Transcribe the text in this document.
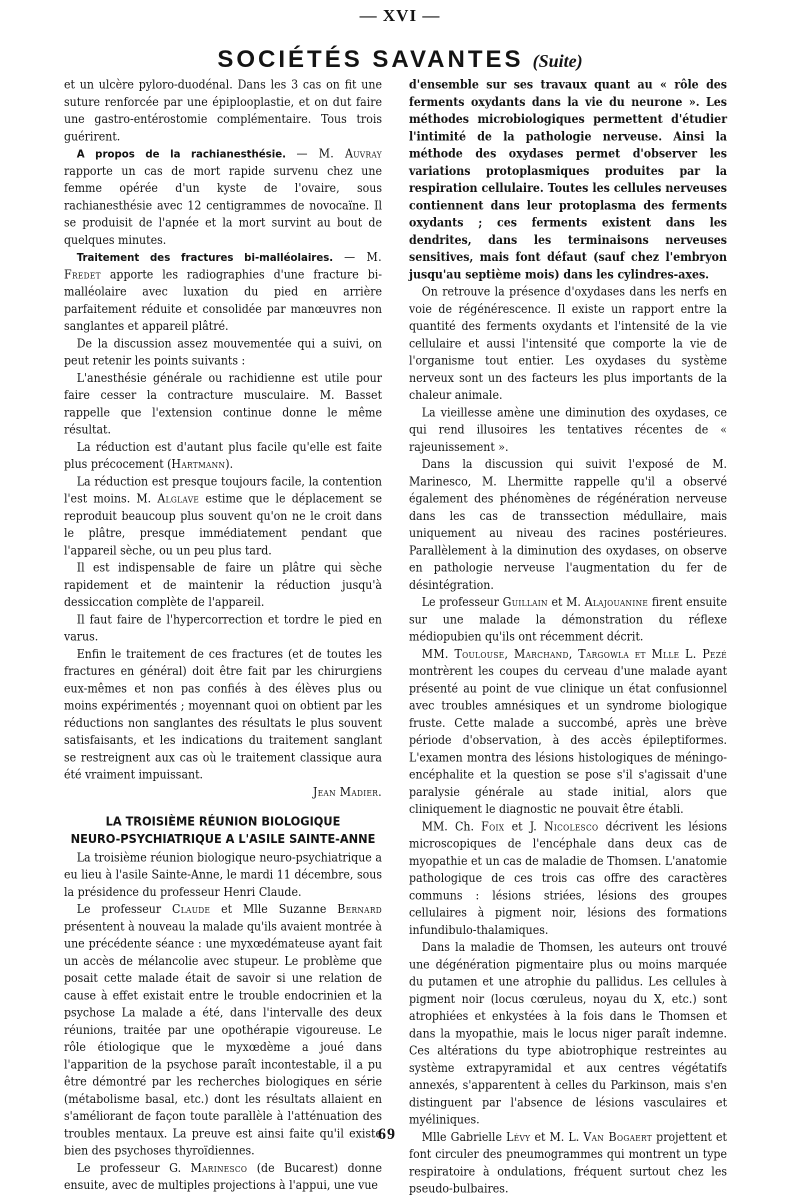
— XVI —
SOCIÉTÉS SAVANTES (Suite)

et un ulcère pyloro-duodénal. Dans les 3 cas on fit une suture renforcée par une épiplooplastie, et on dut faire une gastro-entérostomie complémentaire. Tous trois guérirent.

A propos de la rachianesthésie. — M. Auvray rapporte un cas de mort rapide survenu chez une femme opérée d'un kyste de l'ovaire, sous rachianesthésie avec 12 centigrammes de novocaïne. Il se produisit de l'apnée et la mort survint au bout de quelques minutes.

Traitement des fractures bi-malléolaires. — M. Fredet apporte les radiographies d'une fracture bi-malléolaire avec luxation du pied en arrière parfaitement réduite et consolidée par manœuvres non sanglantes et appareil plâtré.

De la discussion assez mouvementée qui a suivi, on peut retenir les points suivants :

L'anesthésie générale ou rachidienne est utile pour faire cesser la contracture musculaire. M. Basset rappelle que l'extension continue donne le même résultat.

La réduction est d'autant plus facile qu'elle est faite plus précocement (Hartmann).

La réduction est presque toujours facile, la contention l'est moins. M. Alglave estime que le déplacement se reproduit beaucoup plus souvent qu'on ne le croit dans le plâtre, presque immédiatement pendant que l'appareil sèche, ou un peu plus tard.

Il est indispensable de faire un plâtre qui sèche rapidement et de maintenir la réduction jusqu'à dessiccation complète de l'appareil.

Il faut faire de l'hypercorrection et tordre le pied en varus.

Enfin le traitement de ces fractures (et de toutes les fractures en général) doit être fait par les chirurgiens eux-mêmes et non pas confiés à des élèves plus ou moins expérimentés ; moyennant quoi on obtient par les réductions non sanglantes des résultats le plus souvent satisfaisants, et les indications du traitement sanglant se restreignent aux cas où le traitement classique aura été vraiment impuissant.

Jean Madier.

LA TROISIÈME RÉUNION BIOLOGIQUE
NEURO-PSYCHIATRIQUE A L'ASILE SAINTE-ANNE

La troisième réunion biologique neuro-psychiatrique a eu lieu à l'asile Sainte-Anne, le mardi 11 décembre, sous la présidence du professeur Henri Claude.

Le professeur Claude et Mlle Suzanne Bernard présentent à nouveau la malade qu'ils avaient montrée à une précédente séance : une myxœdémateuse ayant fait un accès de mélancolie avec stupeur. Le problème que posait cette malade était de savoir si une relation de cause à effet existait entre le trouble endocrinien et la psychose La malade a été, dans l'intervalle des deux réunions, traitée par une opothérapie vigoureuse. Le rôle étiologique que le myxœdème a joué dans l'apparition de la psychose paraît incontestable, il a pu être démontré par les recherches biologiques en série (métabolisme basal, etc.) dont les résultats allaient en s'améliorant de façon toute parallèle à l'atténuation des troubles mentaux. La preuve est ainsi faite qu'il existe bien des psychoses thyroïdiennes.

Le professeur G. Marinesco (de Bucarest) donne ensuite, avec de multiples projections à l'appui, une vue

d'ensemble sur ses travaux quant au « rôle des ferments oxydants dans la vie du neurone ». Les méthodes microbiologiques permettent d'étudier l'intimité de la pathologie nerveuse. Ainsi la méthode des oxydases permet d'observer les variations protoplasmiques produites par la respiration cellulaire. Toutes les cellules nerveuses contiennent dans leur protoplasma des ferments oxydants ; ces ferments existent dans les dendrites, dans les terminaisons nerveuses sensitives, mais font défaut (sauf chez l'embryon jusqu'au septième mois) dans les cylindres-axes.

On retrouve la présence d'oxydases dans les nerfs en voie de régénérescence. Il existe un rapport entre la quantité des ferments oxydants et l'intensité de la vie cellulaire et aussi l'intensité que comporte la vie de l'organisme tout entier. Les oxydases du système nerveux sont un des facteurs les plus importants de la chaleur animale.

La vieillesse amène une diminution des oxydases, ce qui rend illusoires les tentatives récentes de « rajeunissement ».

Dans la discussion qui suivit l'exposé de M. Marinesco, M. Lhermitte rappelle qu'il a observé également des phénomènes de régénération nerveuse dans les cas de transsection médullaire, mais uniquement au niveau des racines postérieures. Parallèlement à la diminution des oxydases, on observe en pathologie nerveuse l'augmentation du fer de désintégration.

Le professeur Guillain et M. Alajouanine firent ensuite sur une malade la démonstration du réflexe médiopubien qu'ils ont récemment décrit.

MM. Toulouse, Marchand, Targowla et Mlle L. Pezé montrèrent les coupes du cerveau d'une malade ayant présenté au point de vue clinique un état confusionnel avec troubles amnésiques et un syndrome biologique fruste. Cette malade a succombé, après une brève période d'observation, à des accès épileptiformes. L'examen montra des lésions histologiques de méningo-encéphalite et la question se pose s'il s'agissait d'une paralysie générale au stade initial, alors que cliniquement le diagnostic ne pouvait être établi.

MM. Ch. Foix et J. Nicolesco décrivent les lésions microscopiques de l'encéphale dans deux cas de myopathie et un cas de maladie de Thomsen. L'anatomie pathologique de ces trois cas offre des caractères communs : lésions striées, lésions des groupes cellulaires à pigment noir, lésions des formations infundibulo-thalamiques.

Dans la maladie de Thomsen, les auteurs ont trouvé une dégénération pigmentaire plus ou moins marquée du putamen et une atrophie du pallidus. Les cellules à pigment noir (locus cœruleus, noyau du X, etc.) sont atrophiées et enkystées à la fois dans le Thomsen et dans la myopathie, mais le locus niger paraît indemne. Ces altérations du type abiotrophique restreintes au système extrapyramidal et aux centres végétatifs annexés, s'apparentent à celles du Parkinson, mais s'en distinguent par l'absence de lésions vasculaires et myéliniques.

Mlle Gabrielle Lévy et M. L. Van Bogaert projettent et font circuler des pneumogrammes qui montrent un type respiratoire à ondulations, fréquent surtout chez les pseudo-bulbaires.

69
